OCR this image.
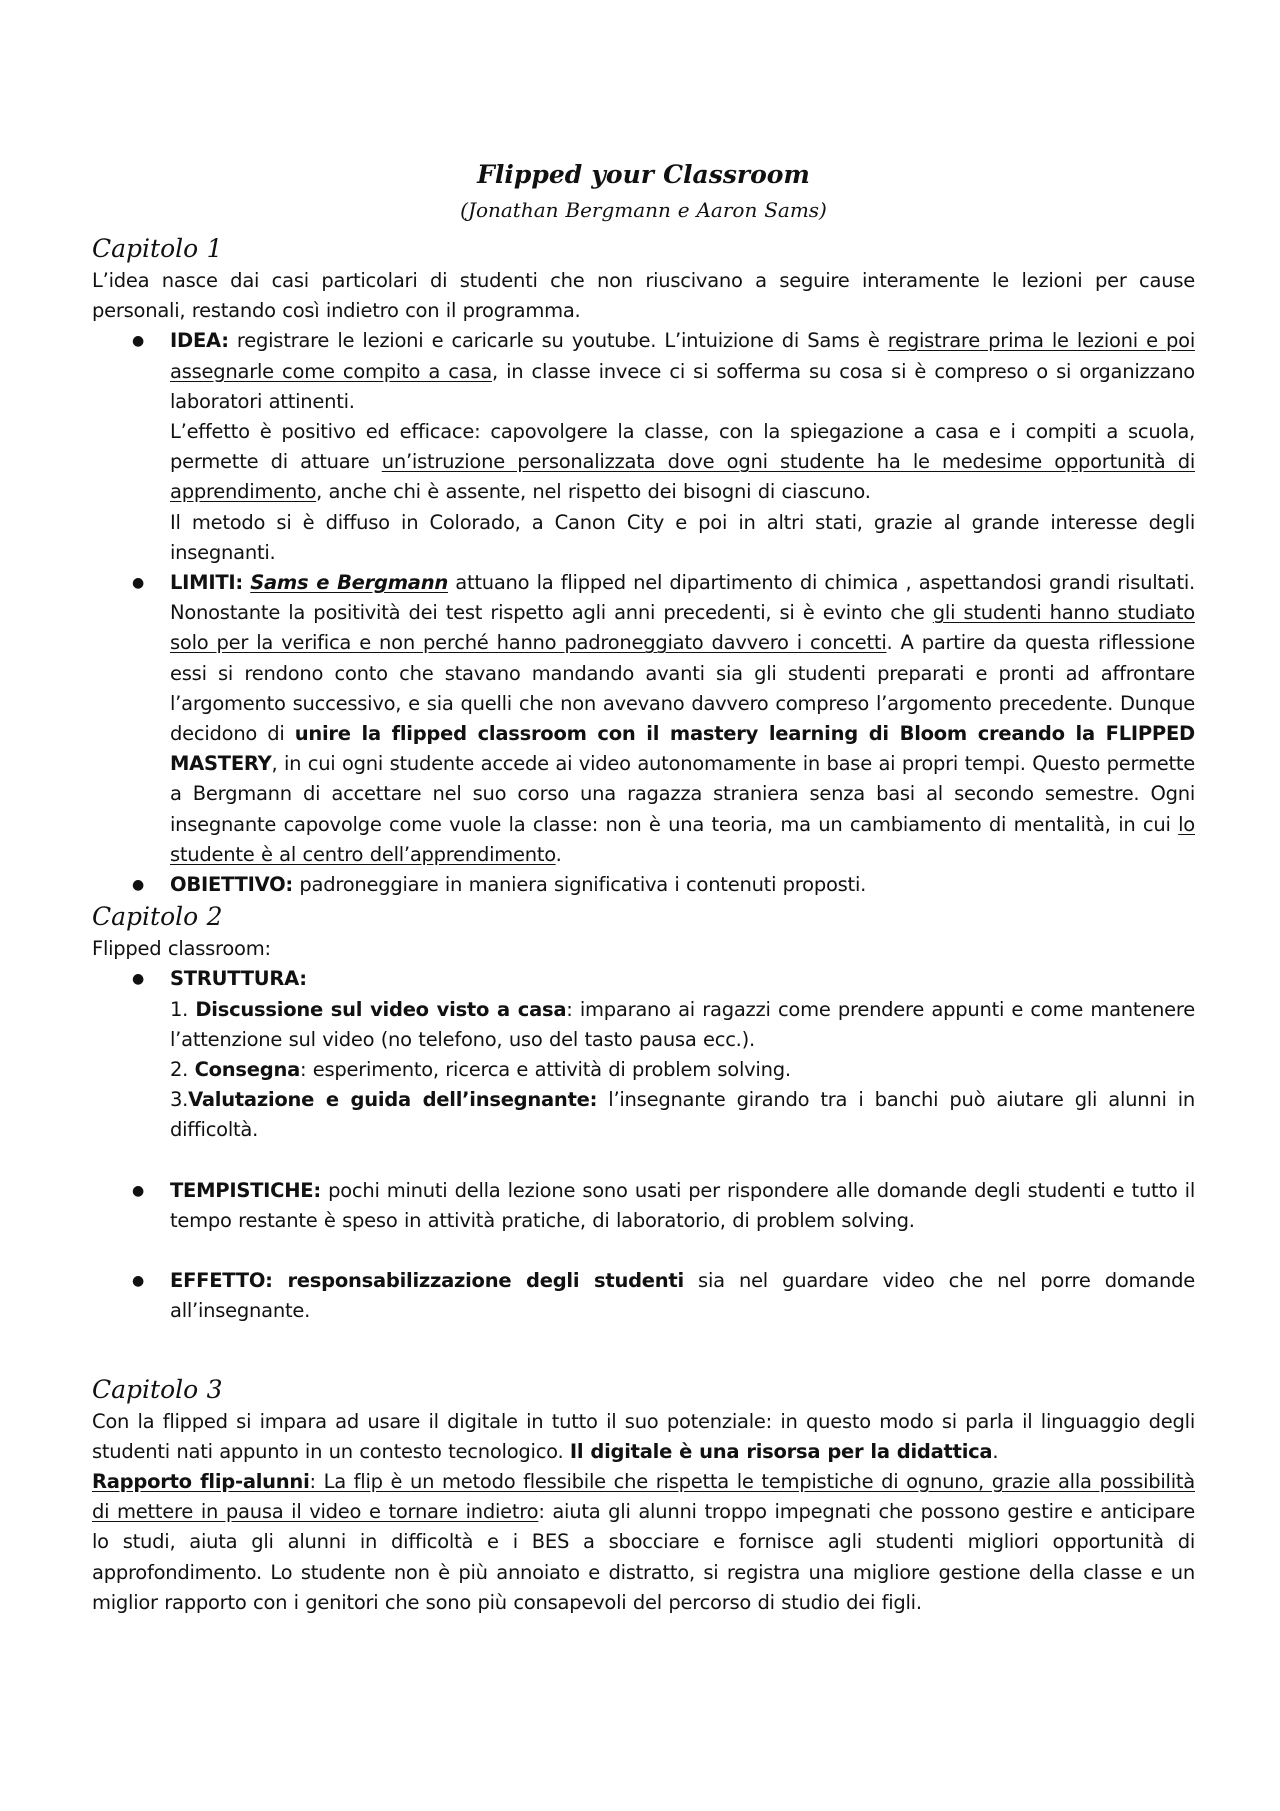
Flipped your Classroom
(Jonathan Bergmann e Aaron Sams)
Capitolo 1

L’idea nasce dai casi particolari di studenti che non riuscivano a seguire interamente le lezioni per cause personali, restando così indietro con il programma.

● IDEA: registrare le lezioni e caricarle su youtube. L’intuizione di Sams è registrare prima le lezioni e poi assegnarle come compito a casa, in classe invece ci si sofferma su cosa si è compreso o si organizzano laboratori attinenti.

L’effetto è positivo ed efficace: capovolgere la classe, con la spiegazione a casa e i compiti a scuola, permette di attuare un’istruzione personalizzata dove ogni studente ha le medesime opportunità di apprendimento, anche chi è assente, nel rispetto dei bisogni di ciascuno.

Il metodo si è diffuso in Colorado, a Canon City e poi in altri stati, grazie al grande interesse degli insegnanti.

● LIMITI: Sams e Bergmann attuano la flipped nel dipartimento di chimica , aspettandosi grandi risultati. Nonostante la positività dei test rispetto agli anni precedenti, si è evinto che gli studenti hanno studiato solo per la verifica e non perché hanno padroneggiato davvero i concetti. A partire da questa riflessione essi si rendono conto che stavano mandando avanti sia gli studenti preparati e pronti ad affrontare l’argomento successivo, e sia quelli che non avevano davvero compreso l’argomento precedente. Dunque decidono di unire la flipped classroom con il mastery learning di Bloom creando la FLIPPED MASTERY, in cui ogni studente accede ai video autonomamente in base ai propri tempi. Questo permette a Bergmann di accettare nel suo corso una ragazza straniera senza basi al secondo semestre. Ogni insegnante capovolge come vuole la classe: non è una teoria, ma un cambiamento di mentalità, in cui lo studente è al centro dell’apprendimento.

● OBIETTIVO: padroneggiare in maniera significativa i contenuti proposti.

Capitolo 2

Flipped classroom:

● STRUTTURA:

1. Discussione sul video visto a casa: imparano ai ragazzi come prendere appunti e come mantenere l’attenzione sul video (no telefono, uso del tasto pausa ecc.).

2. Consegna: esperimento, ricerca e attività di problem solving.

3.Valutazione e guida dell’insegnante: l’insegnante girando tra i banchi può aiutare gli alunni in difficoltà.

● TEMPISTICHE: pochi minuti della lezione sono usati per rispondere alle domande degli studenti e tutto il tempo restante è speso in attività pratiche, di laboratorio, di problem solving.

● EFFETTO: responsabilizzazione degli studenti sia nel guardare video che nel porre domande all’insegnante.

Capitolo 3

Con la flipped si impara ad usare il digitale in tutto il suo potenziale: in questo modo si parla il linguaggio degli studenti nati appunto in un contesto tecnologico. Il digitale è una risorsa per la didattica.

Rapporto flip-alunni: La flip è un metodo flessibile che rispetta le tempistiche di ognuno, grazie alla possibilità di mettere in pausa il video e tornare indietro: aiuta gli alunni troppo impegnati che possono gestire e anticipare lo studi, aiuta gli alunni in difficoltà e i BES a sbocciare e fornisce agli studenti migliori opportunità di approfondimento. Lo studente non è più annoiato e distratto, si registra una migliore gestione della classe e un miglior rapporto con i genitori che sono più consapevoli del percorso di studio dei figli.
